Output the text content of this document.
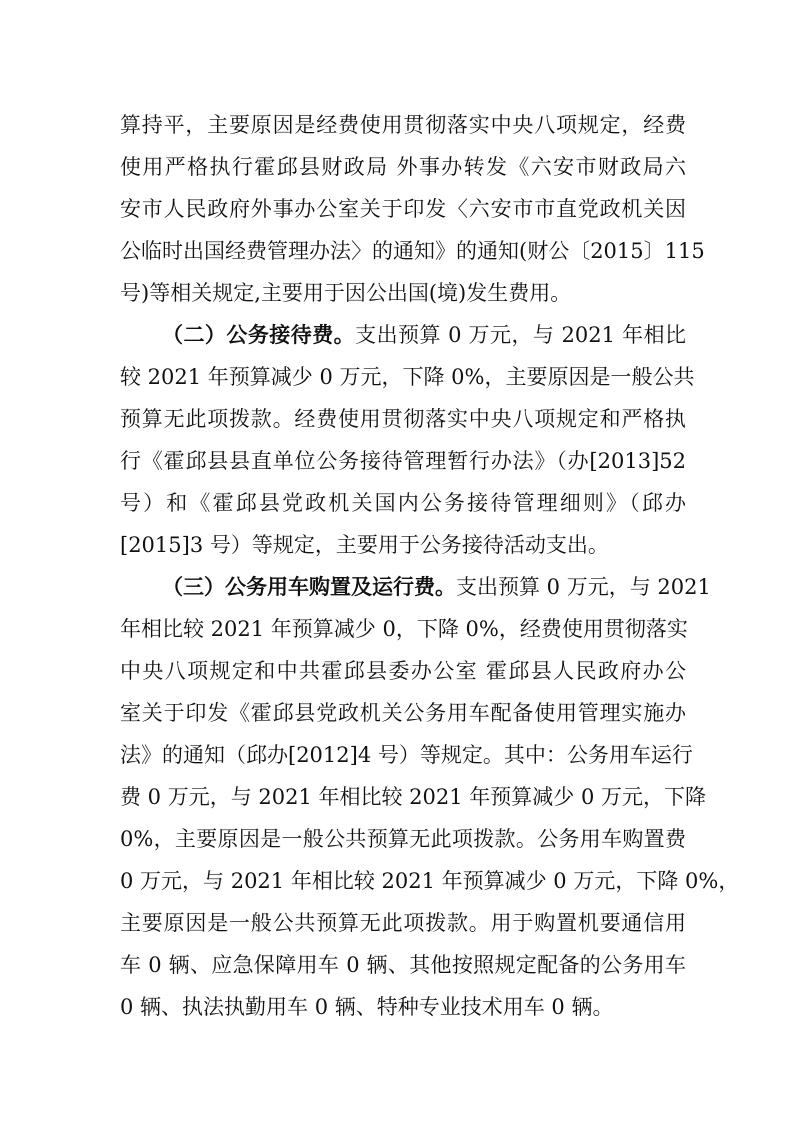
算持平，主要原因是经费使用贯彻落实中央八项规定，经费
使用严格执行霍邱县财政局 外事办转发《六安市财政局六
安市人民政府外事办公室关于印发〈六安市市直党政机关因
公临时出国经费管理办法〉的通知》的通知(财公〔2015〕115
号)等相关规定,主要用于因公出国(境)发生费用。
（二）公务接待费。支出预算 0 万元，与 2021 年相比
较 2021 年预算减少 0 万元，下降 0%，主要原因是一般公共
预算无此项拨款。经费使用贯彻落实中央八项规定和严格执
行《霍邱县县直单位公务接待管理暂行办法》（办[2013]52
号）和《霍邱县党政机关国内公务接待管理细则》（邱办
[2015]3 号）等规定，主要用于公务接待活动支出。
（三）公务用车购置及运行费。支出预算 0 万元，与 2021
年相比较 2021 年预算减少 0，下降 0%，经费使用贯彻落实
中央八项规定和中共霍邱县委办公室 霍邱县人民政府办公
室关于印发《霍邱县党政机关公务用车配备使用管理实施办
法》的通知（邱办[2012]4 号）等规定。其中：公务用车运行
费 0 万元，与 2021 年相比较 2021 年预算减少 0 万元，下降
0%，主要原因是一般公共预算无此项拨款。公务用车购置费
0 万元，与 2021 年相比较 2021 年预算减少 0 万元，下降 0%，
主要原因是一般公共预算无此项拨款。用于购置机要通信用
车 0 辆、应急保障用车 0 辆、其他按照规定配备的公务用车
0 辆、执法执勤用车 0 辆、特种专业技术用车 0 辆。
